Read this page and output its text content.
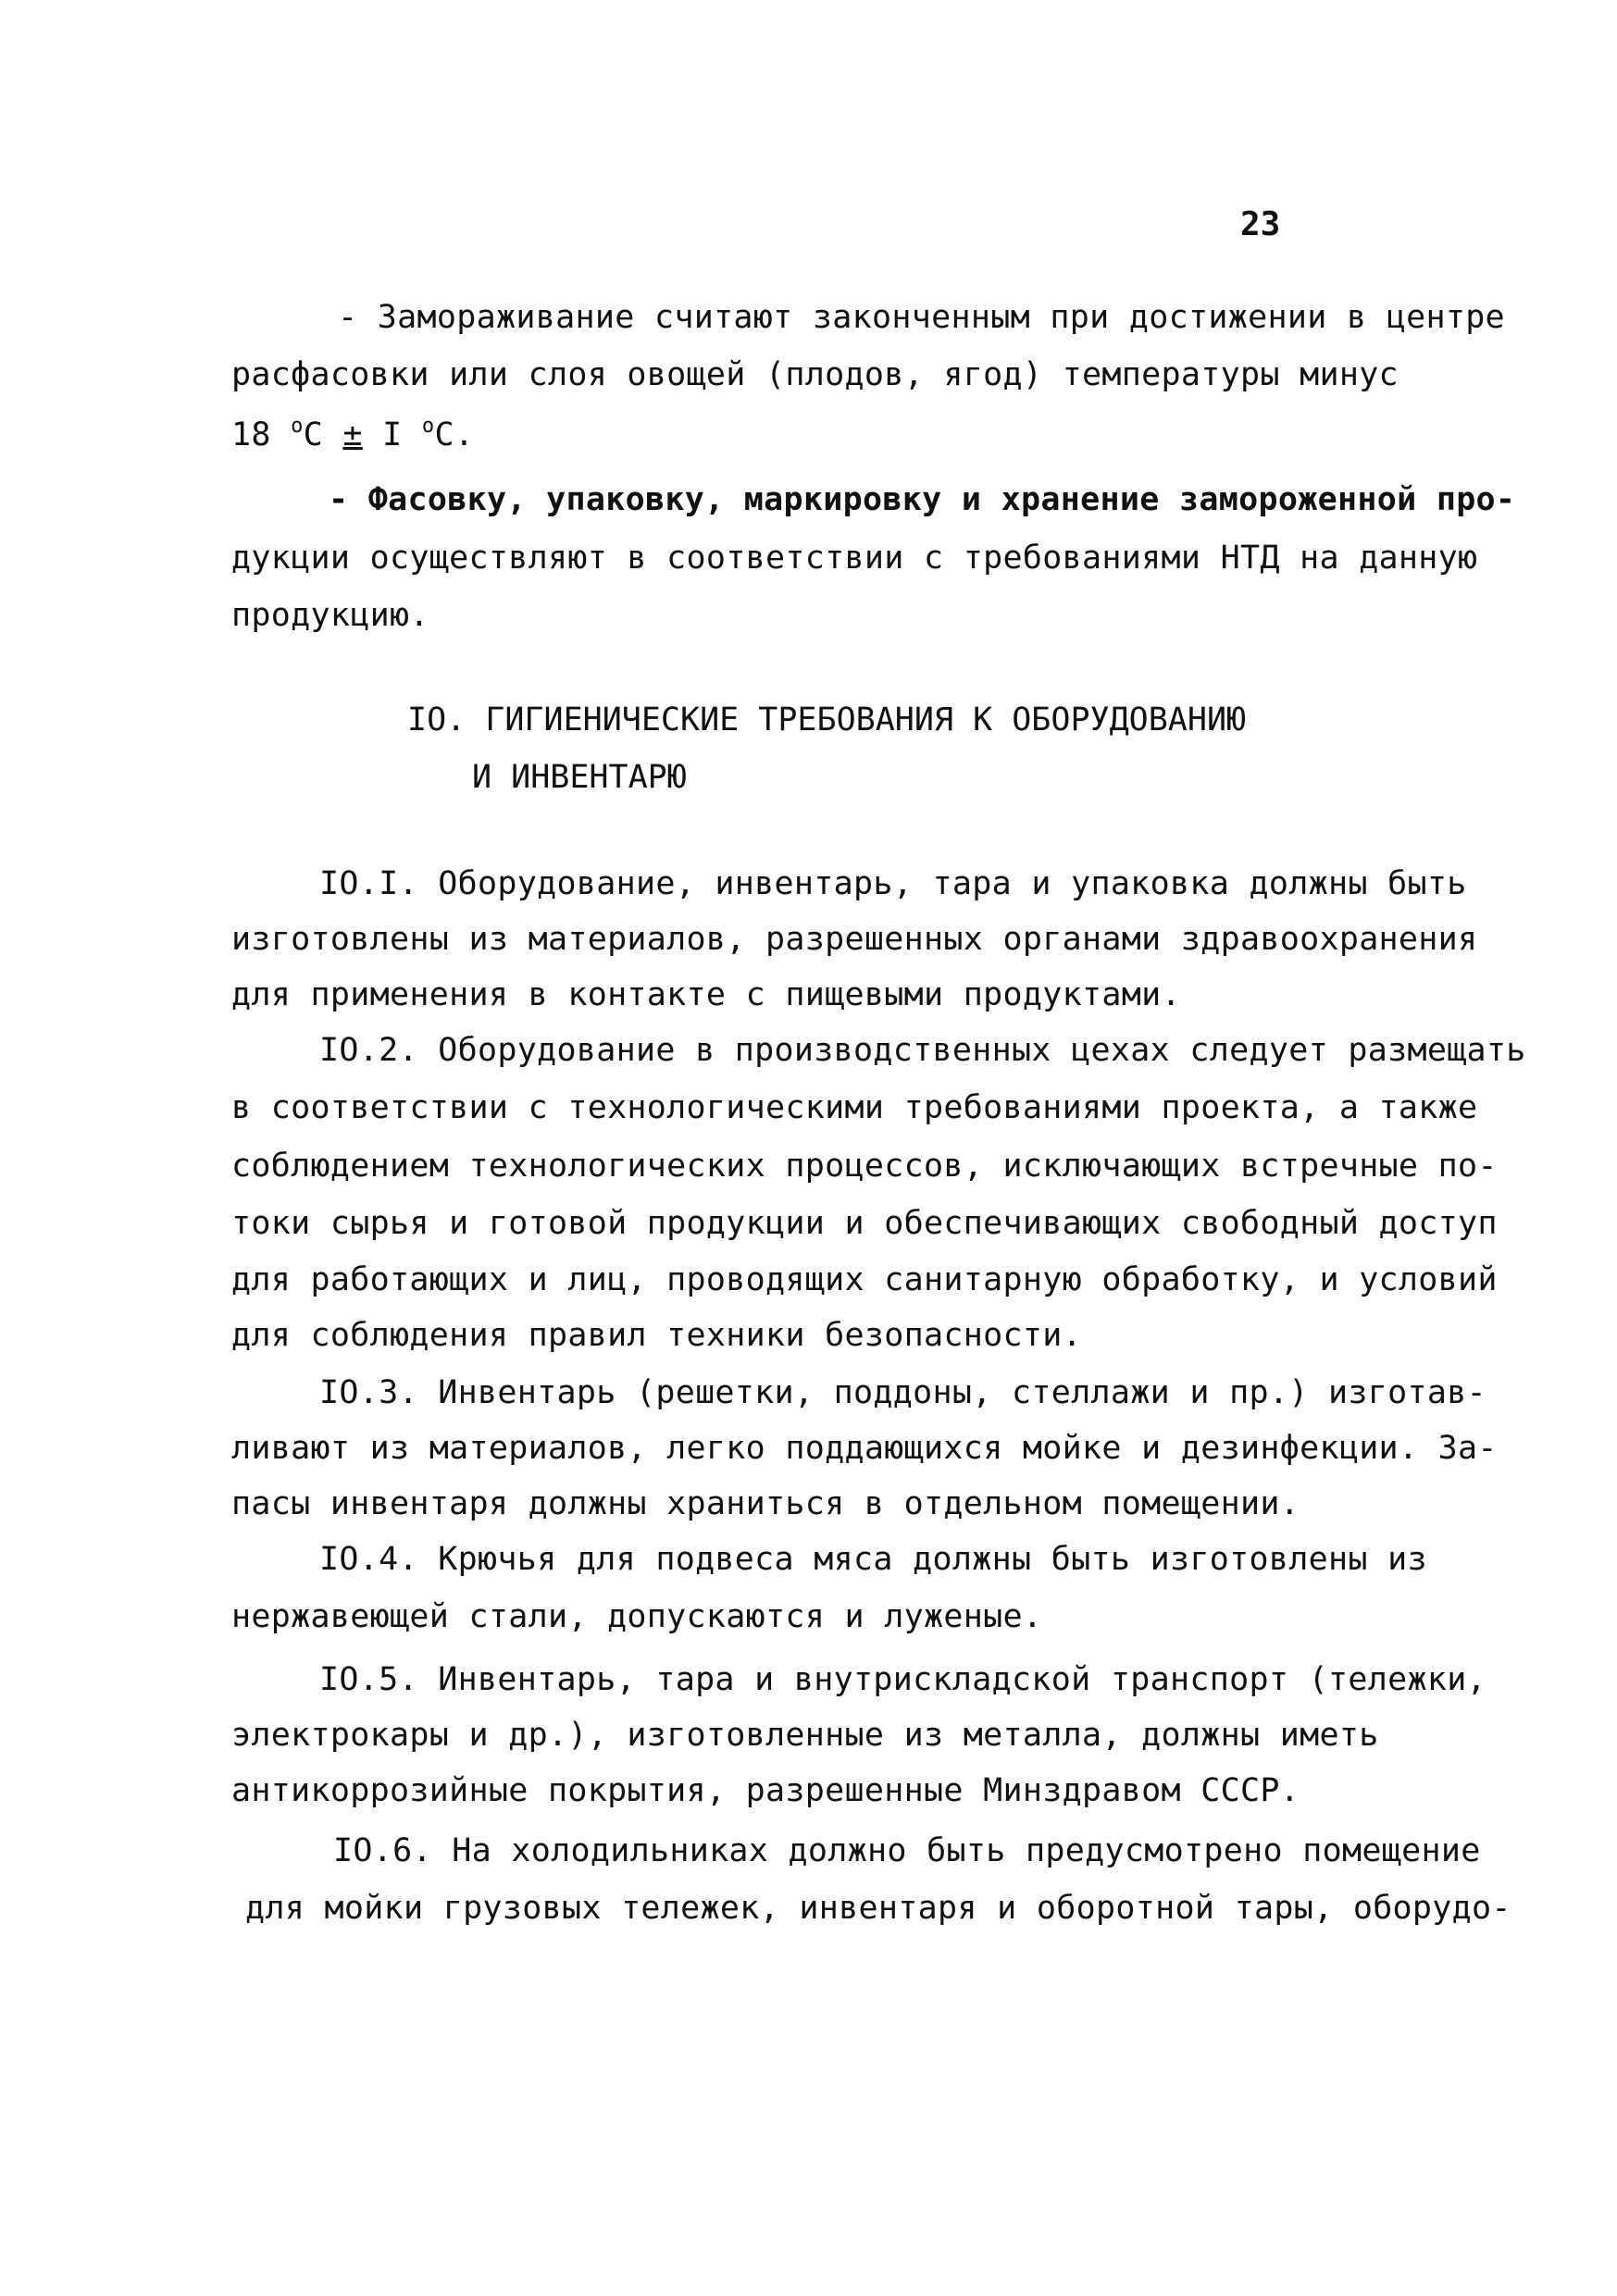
23
- Замораживание считают законченным при достижении в центре
расфасовки или слоя овощей (плодов, ягод) температуры минус
18 $^о$C ± I $^о$C.
- Фасовку, упаковку, маркировку и хранение замороженной про-
дукции осуществляют в соответствии с требованиями НТД на данную
продукцию.
IO. ГИГИЕНИЧЕСКИЕ ТРЕБОВАНИЯ К ОБОРУДОВАНИЮ
И ИНВЕНТАРЮ
IO.I. Оборудование, инвентарь, тара и упаковка должны быть
изготовлены из материалов, разрешенных органами здравоохранения
для применения в контакте с пищевыми продуктами.
IO.2. Оборудование в производственных цехах следует размещать
в соответствии с технологическими требованиями проекта, а также
соблюдением технологических процессов, исключающих встречные по-
токи сырья и готовой продукции и обеспечивающих свободный доступ
для работающих и лиц, проводящих санитарную обработку, и условий
для соблюдения правил техники безопасности.
IO.3. Инвентарь (решетки, поддоны, стеллажи и пр.) изготав-
ливают из материалов, легко поддающихся мойке и дезинфекции. За-
пасы инвентаря должны храниться в отдельном помещении.
IO.4. Крючья для подвеса мяса должны быть изготовлены из
нержавеющей стали, допускаются и луженые.
IO.5. Инвентарь, тара и внутрискладской транспорт (тележки,
электрокары и др.), изготовленные из металла, должны иметь
антикоррозийные покрытия, разрешенные Минздравом СССР.
IO.6. На холодильниках должно быть предусмотрено помещение
для мойки грузовых тележек, инвентаря и оборотной тары, оборудо-
